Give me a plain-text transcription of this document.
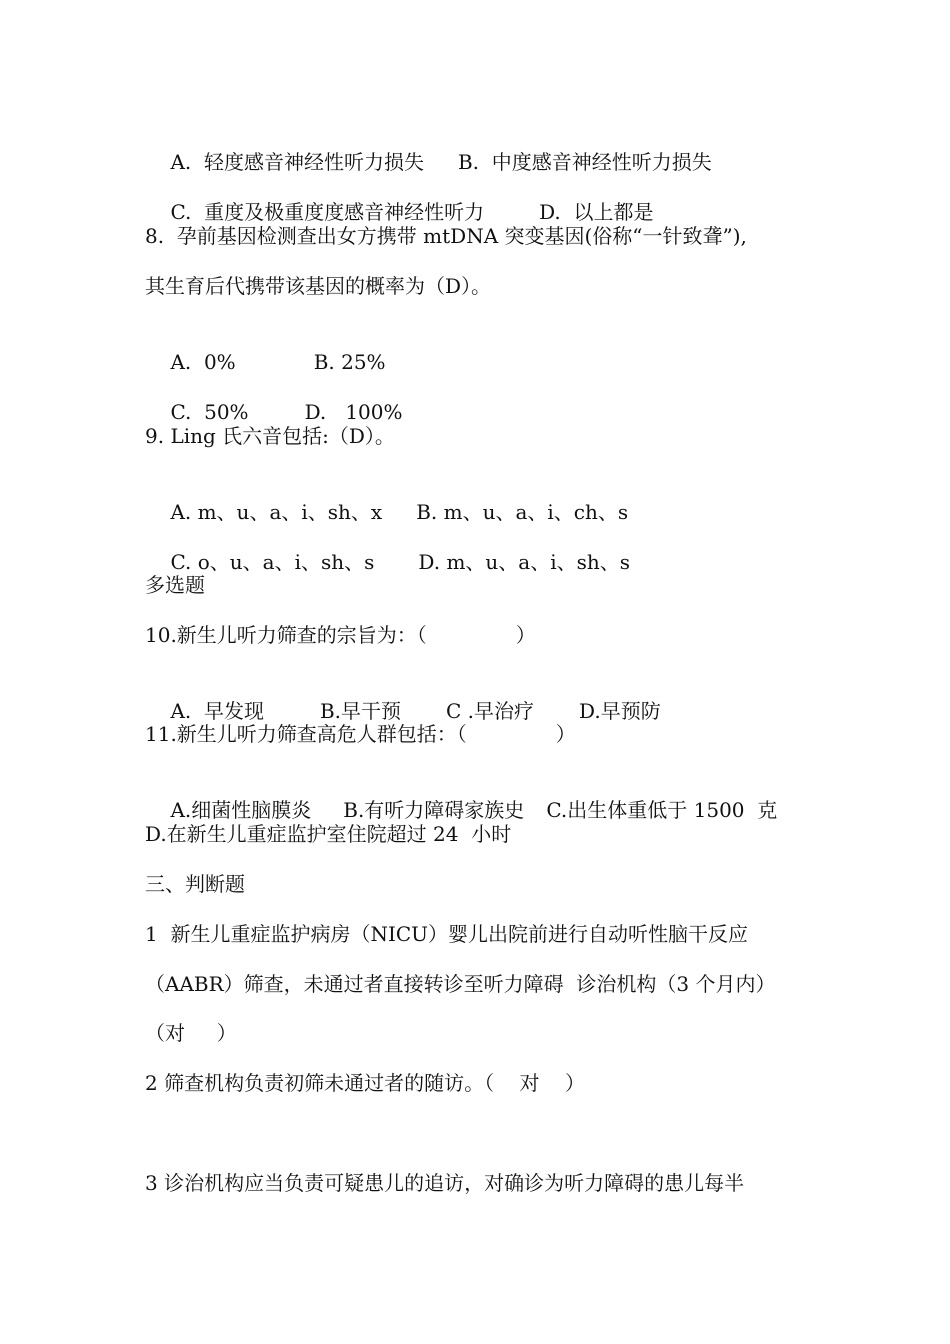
A.  轻度感音神经性听力损失 B.  中度感音神经性听力损失

C.  重度及极重度度感音神经性听力	D.  以上都是

8.  孕前基因检测查出女方携带 mtDNA 突变基因(俗称“一针致聋”),
其生育后代携带该基因的概率为（D）。

A.  0%	B. 25%

C.  50%	D.   100%

9. Ling 氏六音包括:（D）。

A. m、u、a、i、sh、x B. m、u、a、i、ch、s

C. o、u、a、i、sh、s D. m、u、a、i、sh、s

多选题
10.新生儿听力筛查的宗旨为：（              ）

A.  早发现	B.早干预 C .早治疗 D.早预防

11.新生儿听力筛查高危人群包括：（              ）

A.细菌性脑膜炎 B.有听力障碍家族史 C.出生体重低于 1500  克

D.在新生儿重症监护室住院超过 24  小时
三、判断题
1  新生儿重症监护病房（NICU）婴儿出院前进行自动听性脑干反应
（AABR）筛查，未通过者直接转诊至听力障碍  诊治机构（3 个月内）
（对     ）
2 筛查机构负责初筛未通过者的随访。（    对    ）
3 诊治机构应当负责可疑患儿的追访，对确诊为听力障碍的患儿每半
